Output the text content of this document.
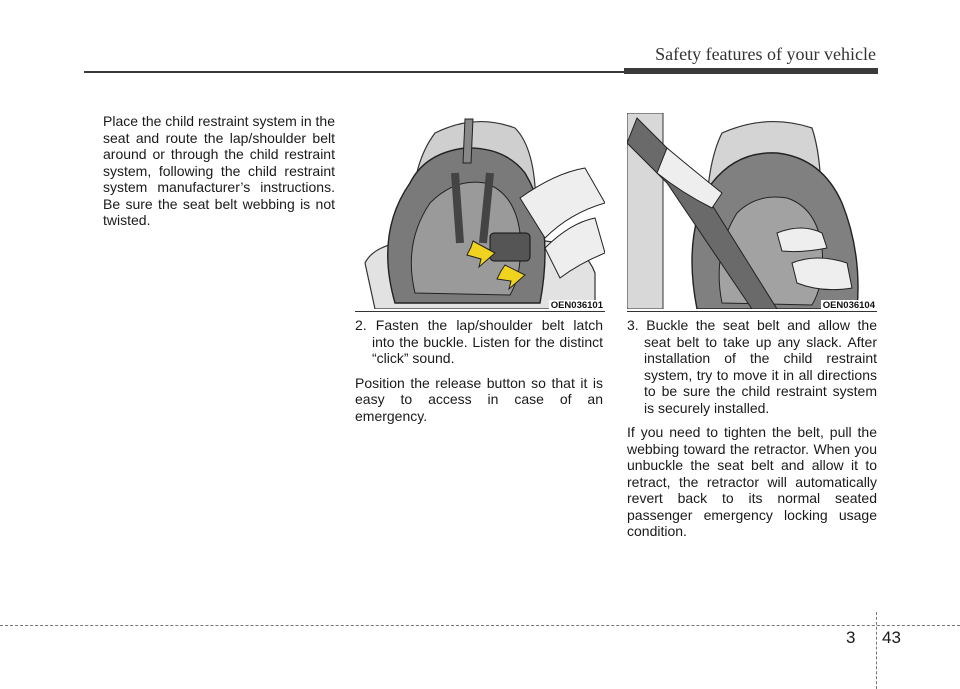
Safety features of your vehicle

Place the child restraint system in the seat and route the lap/shoulder belt around or through the child restraint system, following the child restraint system manufacturer’s instructions. Be sure the seat belt webbing is not twisted.

OEN036101	OEN036104

2. Fasten the lap/shoulder belt latch into the buckle. Listen for the distinct “click” sound.

Position the release button so that it is easy to access in case of an emergency.

3. Buckle the seat belt and allow the seat belt to take up any slack. After installation of the child restraint system, try to move it in all directions to be sure the child restraint system is securely installed.

If you need to tighten the belt, pull the webbing toward the retractor. When you unbuckle the seat belt and allow it to retract, the retractor will automatically revert back to its normal seated passenger emergency locking usage condition.

3 43
